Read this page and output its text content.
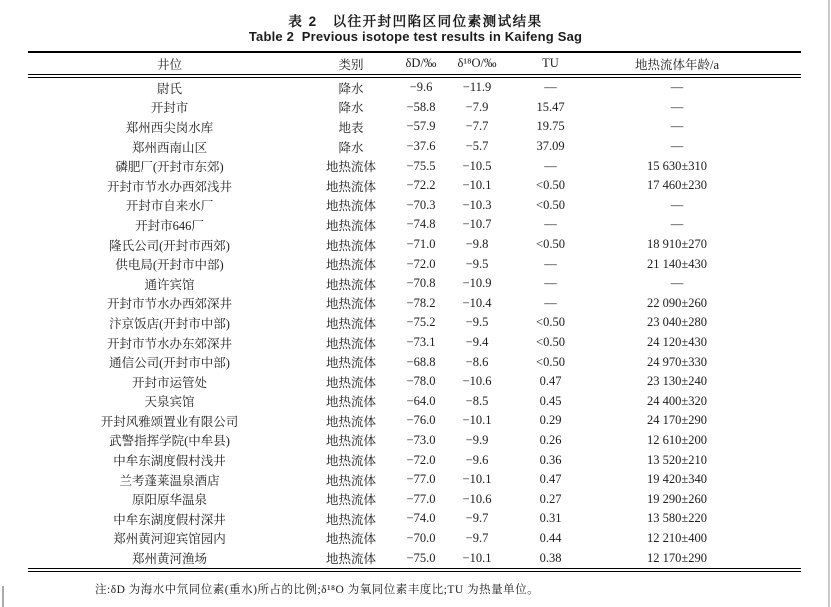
表 2　以往开封凹陷区同位素测试结果
Table 2  Previous isotope test results in Kaifeng Sag
井位	类别	δD/‰	δ¹⁸O/‰	TU	地热流体年龄/a
尉氏	降水	−9.6	−11.9	—	—
开封市	降水	−58.8	−7.9	15.47	—
郑州西尖岗水库	地表	−57.9	−7.7	19.75	—
郑州西南山区	降水	−37.6	−5.7	37.09	—
磷肥厂(开封市东郊)	地热流体	−75.5	−10.5	—	15 630±310
开封市节水办西郊浅井	地热流体	−72.2	−10.1	<0.50	17 460±230
开封市自来水厂	地热流体	−70.3	−10.3	<0.50	—
开封市646厂	地热流体	−74.8	−10.7	—	—
隆氏公司(开封市西郊)	地热流体	−71.0	−9.8	<0.50	18 910±270
供电局(开封市中部)	地热流体	−72.0	−9.5	—	21 140±430
通许宾馆	地热流体	−70.8	−10.9	—	—
开封市节水办西郊深井	地热流体	−78.2	−10.4	—	22 090±260
汴京饭店(开封市中部)	地热流体	−75.2	−9.5	<0.50	23 040±280
开封市节水办东郊深井	地热流体	−73.1	−9.4	<0.50	24 120±430
通信公司(开封市中部)	地热流体	−68.8	−8.6	<0.50	24 970±330
开封市运管处	地热流体	−78.0	−10.6	0.47	23 130±240
天泉宾馆	地热流体	−64.0	−8.5	0.45	24 400±320
开封风雅颂置业有限公司	地热流体	−76.0	−10.1	0.29	24 170±290
武警指挥学院(中牟县)	地热流体	−73.0	−9.9	0.26	12 610±200
中牟东湖度假村浅井	地热流体	−72.0	−9.6	0.36	13 520±210
兰考蓬莱温泉酒店	地热流体	−77.0	−10.1	0.47	19 420±340
原阳原华温泉	地热流体	−77.0	−10.6	0.27	19 290±260
中牟东湖度假村深井	地热流体	−74.0	−9.7	0.31	13 580±220
郑州黄河迎宾馆园内	地热流体	−70.0	−9.7	0.44	12 210±400
郑州黄河渔场	地热流体	−75.0	−10.1	0.38	12 170±290
注:δD 为海水中氘同位素(重水)所占的比例;δ¹⁸O 为氧同位素丰度比;TU 为热量单位。
